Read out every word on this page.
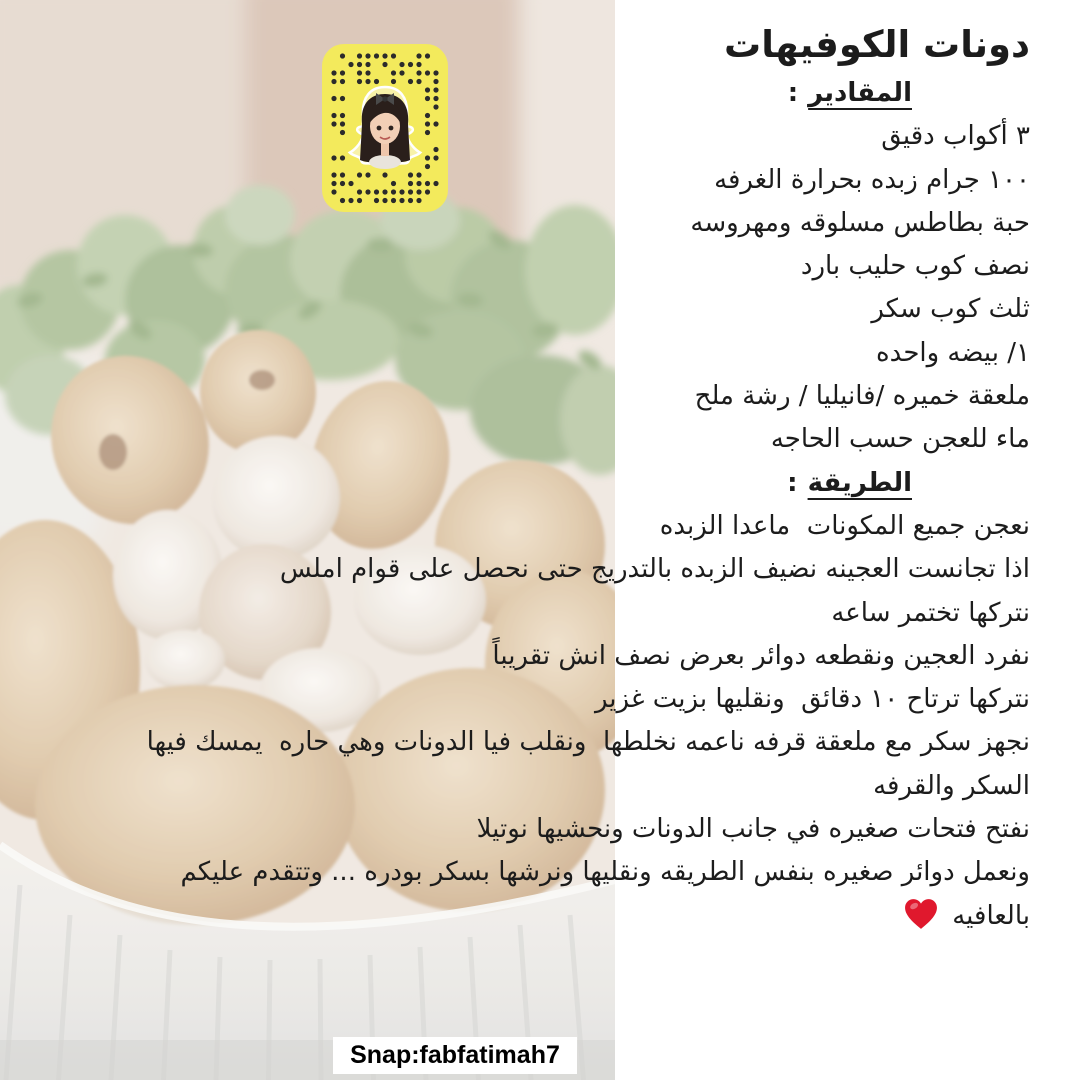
دونات الكوفيهات
المقادير:
٣ أكواب دقيق
١٠٠ جرام زبده بحرارة الغرفه
حبة بطاطس مسلوقه ومهروسه
نصف كوب حليب بارد
ثلث كوب سكر
١/ بيضه واحده
ملعقة خميره /فانيليا / رشة ملح
ماء للعجن حسب الحاجه
الطريقة:
نعجن جميع المكونات  ماعدا الزبده
اذا تجانست العجينه نضيف الزبده بالتدريج حتى نحصل على قوام املس
نتركها تختمر ساعه
نفرد العجين ونقطعه دوائر بعرض نصف انش تقريباً
نتركها ترتاح ١٠ دقائق  ونقليها بزيت غزير
نجهز سكر مع ملعقة قرفه ناعمه نخلطها  ونقلب فيا الدونات وهي حاره  يمسك فيها
السكر والقرفه
نفتح فتحات صغيره في جانب الدونات ونحشيها نوتيلا
ونعمل دوائر صغيره بنفس الطريقه ونقليها ونرشها بسكر بودره ... وتتقدم عليكم
بالعافيه
Snap:fabfatimah7
